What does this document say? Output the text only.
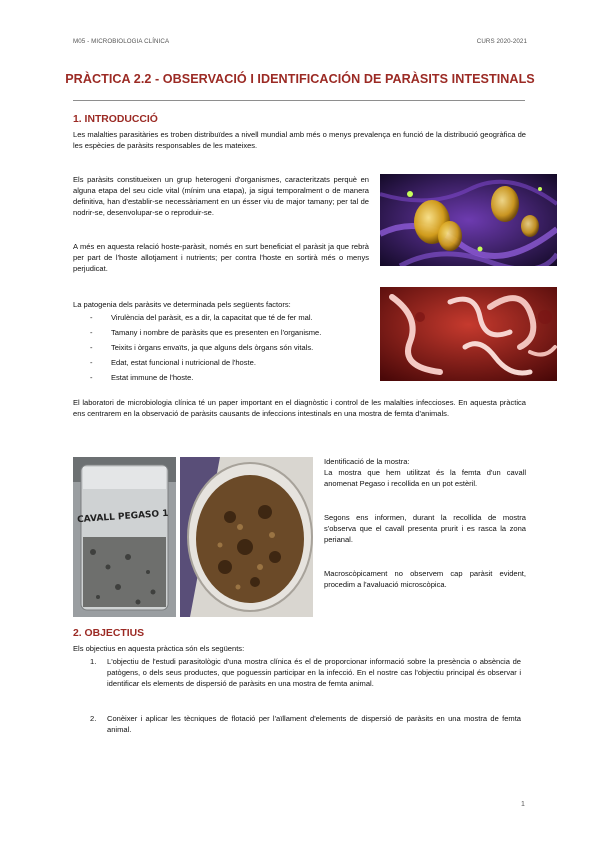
M05 - MICROBIOLOGIA CLÍNICA	CURS 2020-2021
PRÀCTICA 2.2 - OBSERVACIÓ I IDENTIFICACIÓN DE PARÀSITS INTESTINALS
1. INTRODUCCIÓ
Les malalties parasitàries es troben distribuïdes a nivell mundial amb més o menys prevalença en funció de la distribució geogràfica de les espècies de paràsits responsables de les mateixes.
Els paràsits constitueixen un grup heterogeni d'organismes, caracteritzats perquè en alguna etapa del seu cicle vital (mínim una etapa), ja sigui temporalment o de manera definitiva, han d'establir-se necessàriament en un ésser viu de major tamany; per tal de nodrir-se, desenvolupar-se o reproduir-se.
A més en aquesta relació hoste-paràsit, només en surt beneficiat el paràsit ja que rebrà per part de l'hoste allotjament i nutrients; per contra l'hoste en sortirà més o menys perjudicat.
La patogenia dels paràsits ve determinada pels següents factors:
- Virulència del paràsit, es a dir, la capacitat que té de fer mal.
- Tamany i nombre de paràsits que es presenten en l'organisme.
- Teixits i òrgans envaïts, ja que alguns dels òrgans són vitals.
- Edat, estat funcional i nutricional de l'hoste.
- Estat immune de l'hoste.
El laboratori de microbiologia clínica té un paper important en el diagnòstic i control de les malalties infeccioses. En aquesta pràctica ens centrarem en la observació de paràsits causants de infeccions intestinals en una mostra de femta d'animals.
CAVALL PEGASO 1
Identificació de la mostra:
La mostra que hem utilitzat és la femta d'un cavall anomenat Pegaso i recollida en un pot estèril.
Segons ens informen, durant la recollida de mostra s'observa que el cavall presenta prurit i es rasca la zona perianal.
Macroscòpicament no observem cap paràsit evident, procedim a l'avaluació microscòpica.
2. OBJECTIUS
Els objectius en aquesta pràctica són els següents:
1. L'objectiu de l'estudi parasitològic d'una mostra clínica és el de proporcionar informació sobre la presència o absència de patògens, o dels seus productes, que poguessin participar en la infecció. En el nostre cas l'objectiu principal és observar i identificar els elements de dispersió de paràsits en una mostra de femta animal.
2. Conèixer i aplicar les tècniques de flotació per l'aïllament d'elements de dispersió de paràsits en una mostra de femta animal.
1
